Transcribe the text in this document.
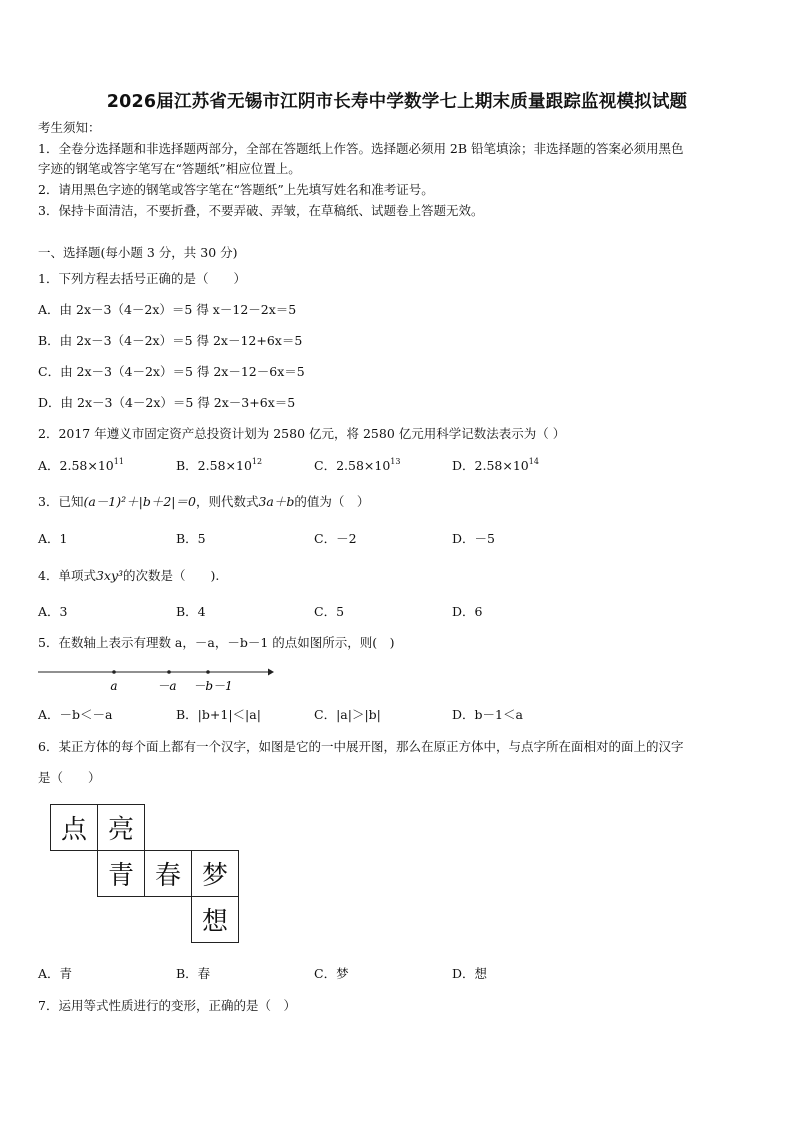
2026届江苏省无锡市江阴市长寿中学数学七上期末质量跟踪监视模拟试题
考生须知：
1．全卷分选择题和非选择题两部分，全部在答题纸上作答。选择题必须用 2B 铅笔填涂；非选择题的答案必须用黑色
字迹的钢笔或答字笔写在“答题纸”相应位置上。
2．请用黑色字迹的钢笔或答字笔在“答题纸”上先填写姓名和准考证号。
3．保持卡面清洁，不要折叠，不要弄破、弄皱，在草稿纸、试题卷上答题无效。
一、选择题(每小题 3 分，共 30 分)
1．下列方程去括号正确的是（　　）
A．由 2x－3（4－2x）＝5 得 x－12－2x＝5
B．由 2x－3（4－2x）＝5 得 2x－12+6x＝5
C．由 2x－3（4－2x）＝5 得 2x－12－6x＝5
D．由 2x－3（4－2x）＝5 得 2x－3+6x＝5
2．2017 年遵义市固定资产总投资计划为 2580 亿元，将 2580 亿元用科学记数法表示为（ ）
A．$2.58\times 10^{11}$	B．$2.58\times 10^{12}$	C．$2.58\times 10^{13}$	D．$2.58\times 10^{14}$
3．已知(a－1)²＋|b＋2|＝0，则代数式3a＋b的值为（　）
A．1	B．5	C．－2	D．－5
4．单项式3xy³的次数是（　　).
A．3	B．4	C．5	D．6
5．在数轴上表示有理数 a，－a，－b－1 的点如图所示，则(　)
a	－a －b－1
A．－b＜－a	B．|b+1|＜|a|	C．|a|＞|b|	D．b－1＜a
6．某正方体的每个面上都有一个汉字，如图是它的一中展开图，那么在原正方体中，与点字所在面相对的面上的汉字
是（　　）
点 亮
青 春 梦
想
A．青	B．春	C．梦	D．想
7．运用等式性质进行的变形，正确的是（　）
